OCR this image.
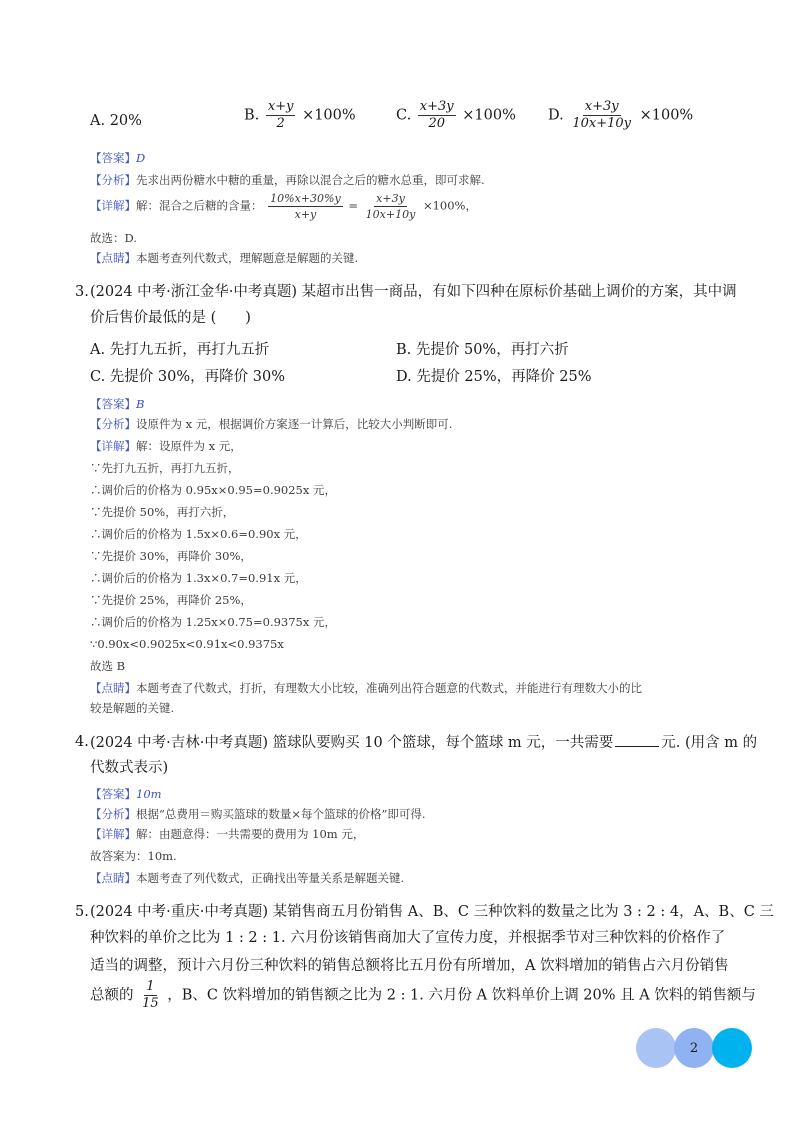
A. 20%	B. $\frac{x+y}{2} \times 100\%$	C. $\frac{x+3y}{20} \times 100\%$ D. $\frac{x+3y}{10x+10y} \times 100\%$
【答案】D
【分析】先求出两份糖水中糖的重量，再除以混合之后的糖水总重，即可求解.
【详解】解：混合之后糖的含量： $\frac{10\%x+30\%y}{x+y} = \frac{x+3y}{10x+10y} \times 100\%$，
故选：D.
【点睛】本题考查列代数式，理解题意是解题的关键.
3. (2024 中考·浙江金华·中考真题) 某超市出售一商品，有如下四种在原标价基础上调价的方案，其中调
价后售价最低的是 (　　)
A. 先打九五折，再打九五折	B. 先提价 50%，再打六折
C. 先提价 30%，再降价 30%	D. 先提价 25%，再降价 25%
【答案】B
【分析】设原件为 x 元，根据调价方案逐一计算后，比较大小判断即可.
【详解】解：设原件为 x 元，
∵先打九五折，再打九五折，
∴调价后的价格为 0.95x×0.95=0.9025x 元，
∵先提价 50%，再打六折，
∴调价后的价格为 1.5x×0.6=0.90x 元，
∵先提价 30%，再降价 30%，
∴调价后的价格为 1.3x×0.7=0.91x 元，
∵先提价 25%，再降价 25%，
∴调价后的价格为 1.25x×0.75=0.9375x 元，
∵0.90x<0.9025x<0.91x<0.9375x
故选 B
【点睛】本题考查了代数式，打折，有理数大小比较，准确列出符合题意的代数式，并能进行有理数大小的比
较是解题的关键.
4. (2024 中考·吉林·中考真题) 篮球队要购买 10 个篮球，每个篮球 m 元，一共需要	元. (用含 m 的
代数式表示)
【答案】10m
【分析】根据“总费用＝购买篮球的数量×每个篮球的价格”即可得.
【详解】解：由题意得：一共需要的费用为 10m 元，
故答案为：10m.
【点睛】本题考查了列代数式，正确找出等量关系是解题关键.
5. (2024 中考·重庆·中考真题) 某销售商五月份销售 A、B、C 三种饮料的数量之比为 3 : 2 : 4，A、B、C 三
种饮料的单价之比为 1 : 2 : 1. 六月份该销售商加大了宣传力度，并根据季节对三种饮料的价格作了
适当的调整，预计六月份三种饮料的销售总额将比五月份有所增加，A 饮料增加的销售占六月份销售
总额的 $\frac{1}{15}$ ，B、C 饮料增加的销售额之比为 2 : 1. 六月份 A 饮料单价上调 20% 且 A 饮料的销售额与
2
